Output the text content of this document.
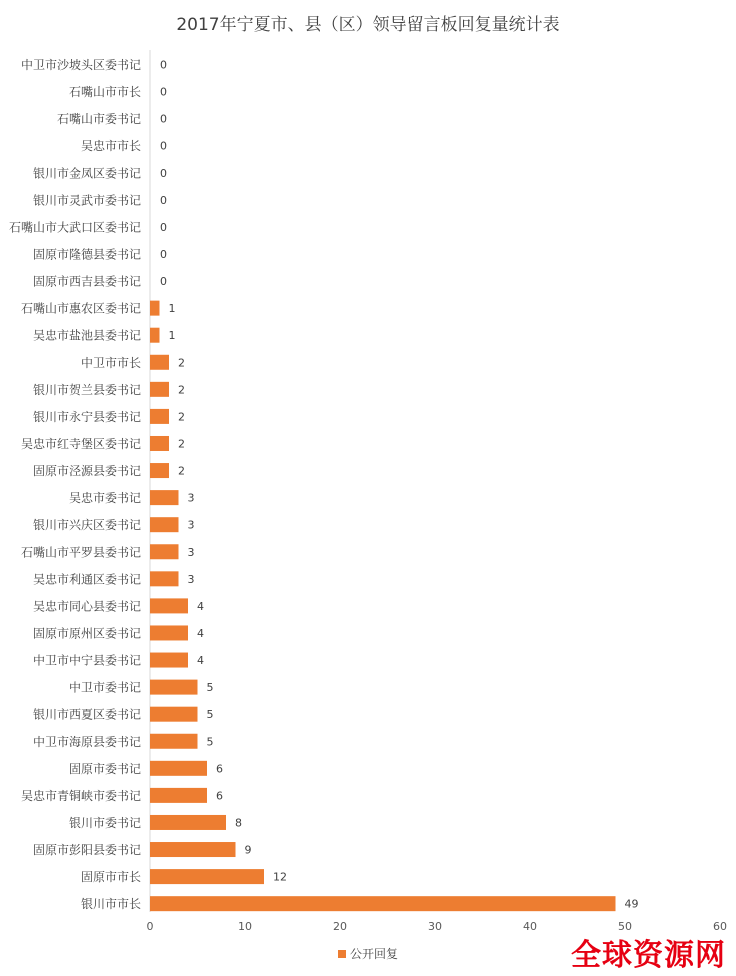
2017年宁夏市、县（区）领导留言板回复量统计表
中卫市沙坡头区委书记 0
石嘴山市市长 0
石嘴山市委书记 0
吴忠市市长 0
银川市金凤区委书记 0
银川市灵武市委书记 0
石嘴山市大武口区委书记 0
固原市隆德县委书记 0
固原市西吉县委书记 0
石嘴山市惠农区委书记	1
吴忠市盐池县委书记	1
中卫市市长	2
银川市贺兰县委书记	2
银川市永宁县委书记	2
吴忠市红寺堡区委书记	2
固原市泾源县委书记	2
吴忠市委书记	3
银川市兴庆区委书记	3
石嘴山市平罗县委书记	3
吴忠市利通区委书记	3
吴忠市同心县委书记	4
固原市原州区委书记	4
中卫市中宁县委书记	4
中卫市委书记	5
银川市西夏区委书记	5
中卫市海原县委书记	5
固原市委书记	6
吴忠市青铜峡市委书记	6
银川市委书记	8
固原市彭阳县委书记	9
固原市市长	12
银川市市长	49
0	10	20	30	40	50	60
公开回复	全球资源网
